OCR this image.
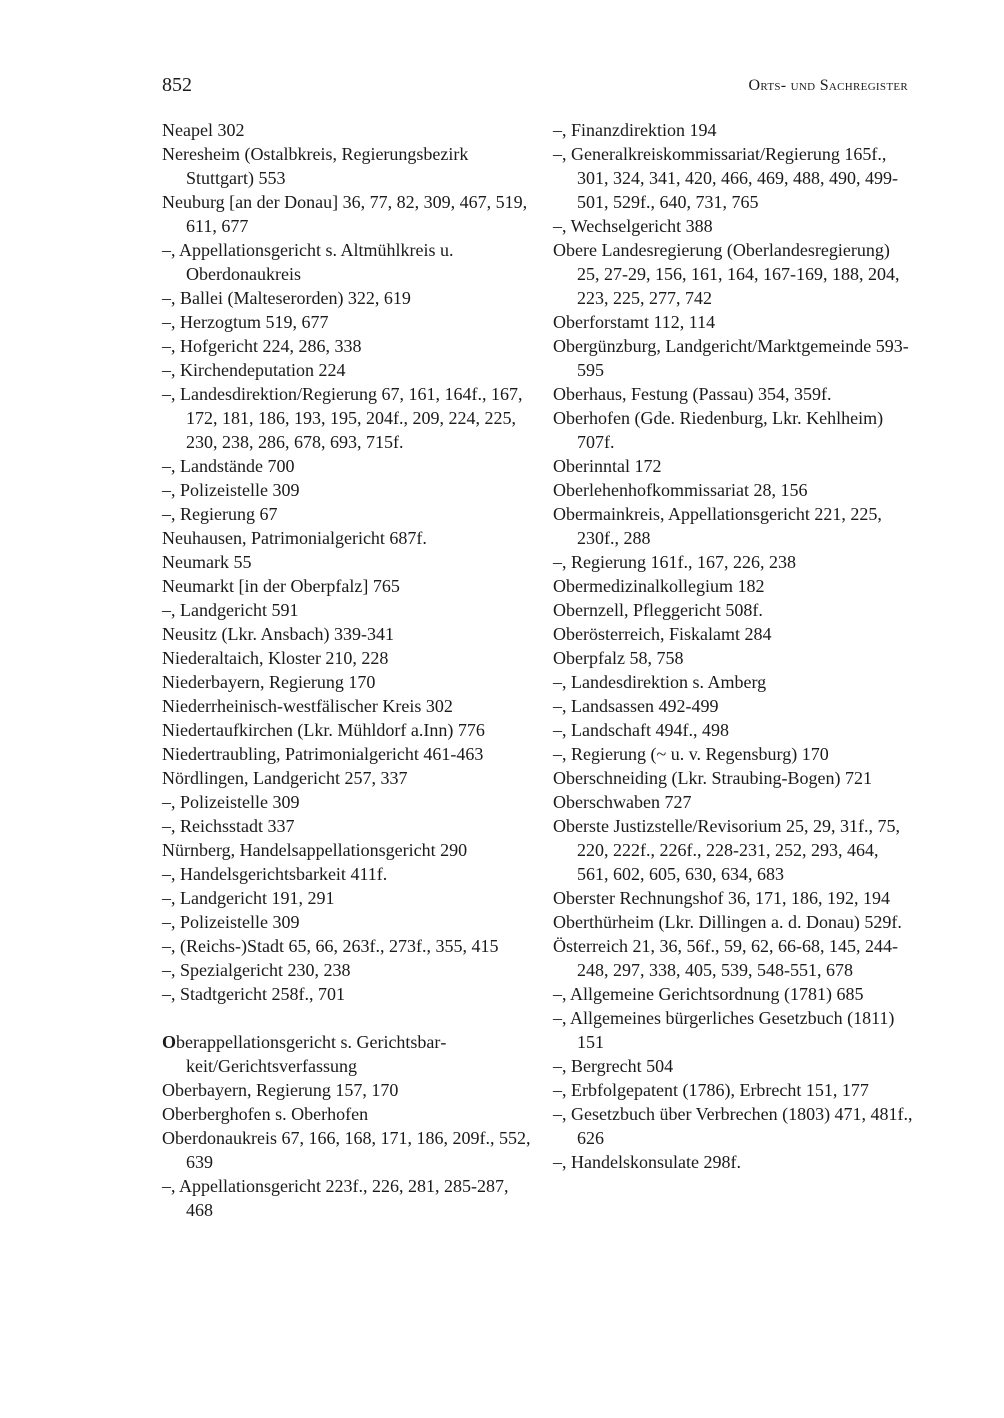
852	Orts- und Sachregister
Neapel 302
Neresheim (Ostalbkreis, Regierungsbezirk Stuttgart) 553
Neuburg [an der Donau] 36, 77, 82, 309, 467, 519, 611, 677
–, Appellationsgericht s. Altmühlkreis u. Oberdonaukreis
–, Ballei (Malteserorden) 322, 619
–, Herzogtum 519, 677
–, Hofgericht 224, 286, 338
–, Kirchendeputation 224
–, Landesdirektion/Regierung 67, 161, 164f., 167, 172, 181, 186, 193, 195, 204f., 209, 224, 225, 230, 238, 286, 678, 693, 715f.
–, Landstände 700
–, Polizeistelle 309
–, Regierung 67
Neuhausen, Patrimonialgericht 687f.
Neumark 55
Neumarkt [in der Oberpfalz] 765
–, Landgericht 591
Neusitz (Lkr. Ansbach) 339-341
Niederaltaich, Kloster 210, 228
Niederbayern, Regierung 170
Niederrheinisch-westfälischer Kreis 302
Niedertaufkirchen (Lkr. Mühldorf a.Inn) 776
Niedertraubling, Patrimonialgericht 461-463
Nördlingen, Landgericht 257, 337
–, Polizeistelle 309
–, Reichsstadt 337
Nürnberg, Handelsappellationsgericht 290
–, Handelsgerichtsbarkeit 411f.
–, Landgericht 191, 291
–, Polizeistelle 309
–, (Reichs-)Stadt 65, 66, 263f., 273f., 355, 415
–, Spezialgericht 230, 238
–, Stadtgericht 258f., 701
Oberappellationsgericht s. Gerichtsbarkeit/Gerichtsverfassung
Oberbayern, Regierung 157, 170
Oberberghofen s. Oberhofen
Oberdonaukreis 67, 166, 168, 171, 186, 209f., 552, 639
–, Appellationsgericht 223f., 226, 281, 285-287, 468
–, Finanzdirektion 194
–, Generalkreiskommissariat/Regierung 165f., 301, 324, 341, 420, 466, 469, 488, 490, 499-501, 529f., 640, 731, 765
–, Wechselgericht 388
Obere Landesregierung (Oberlandesregierung) 25, 27-29, 156, 161, 164, 167-169, 188, 204, 223, 225, 277, 742
Oberforstamt 112, 114
Obergünzburg, Landgericht/Marktgemeinde 593-595
Oberhaus, Festung (Passau) 354, 359f.
Oberhofen (Gde. Riedenburg, Lkr. Kehlheim) 707f.
Oberinntal 172
Oberlehenhofkommissariat 28, 156
Obermainkreis, Appellationsgericht 221, 225, 230f., 288
–, Regierung 161f., 167, 226, 238
Obermedizinalkollegium 182
Obernzell, Pfleggericht 508f.
Oberösterreich, Fiskalamt 284
Oberpfalz 58, 758
–, Landesdirektion s. Amberg
–, Landsassen 492-499
–, Landschaft 494f., 498
–, Regierung (~ u. v. Regensburg) 170
Oberschneiding (Lkr. Straubing-Bogen) 721
Oberschwaben 727
Oberste Justizstelle/Revisorium 25, 29, 31f., 75, 220, 222f., 226f., 228-231, 252, 293, 464, 561, 602, 605, 630, 634, 683
Oberster Rechnungshof 36, 171, 186, 192, 194
Oberthürheim (Lkr. Dillingen a. d. Donau) 529f.
Österreich 21, 36, 56f., 59, 62, 66-68, 145, 244-248, 297, 338, 405, 539, 548-551, 678
–, Allgemeine Gerichtsordnung (1781) 685
–, Allgemeines bürgerliches Gesetzbuch (1811) 151
–, Bergrecht 504
–, Erbfolgepatent (1786), Erbrecht 151, 177
–, Gesetzbuch über Verbrechen (1803) 471, 481f., 626
–, Handelskonsulate 298f.
